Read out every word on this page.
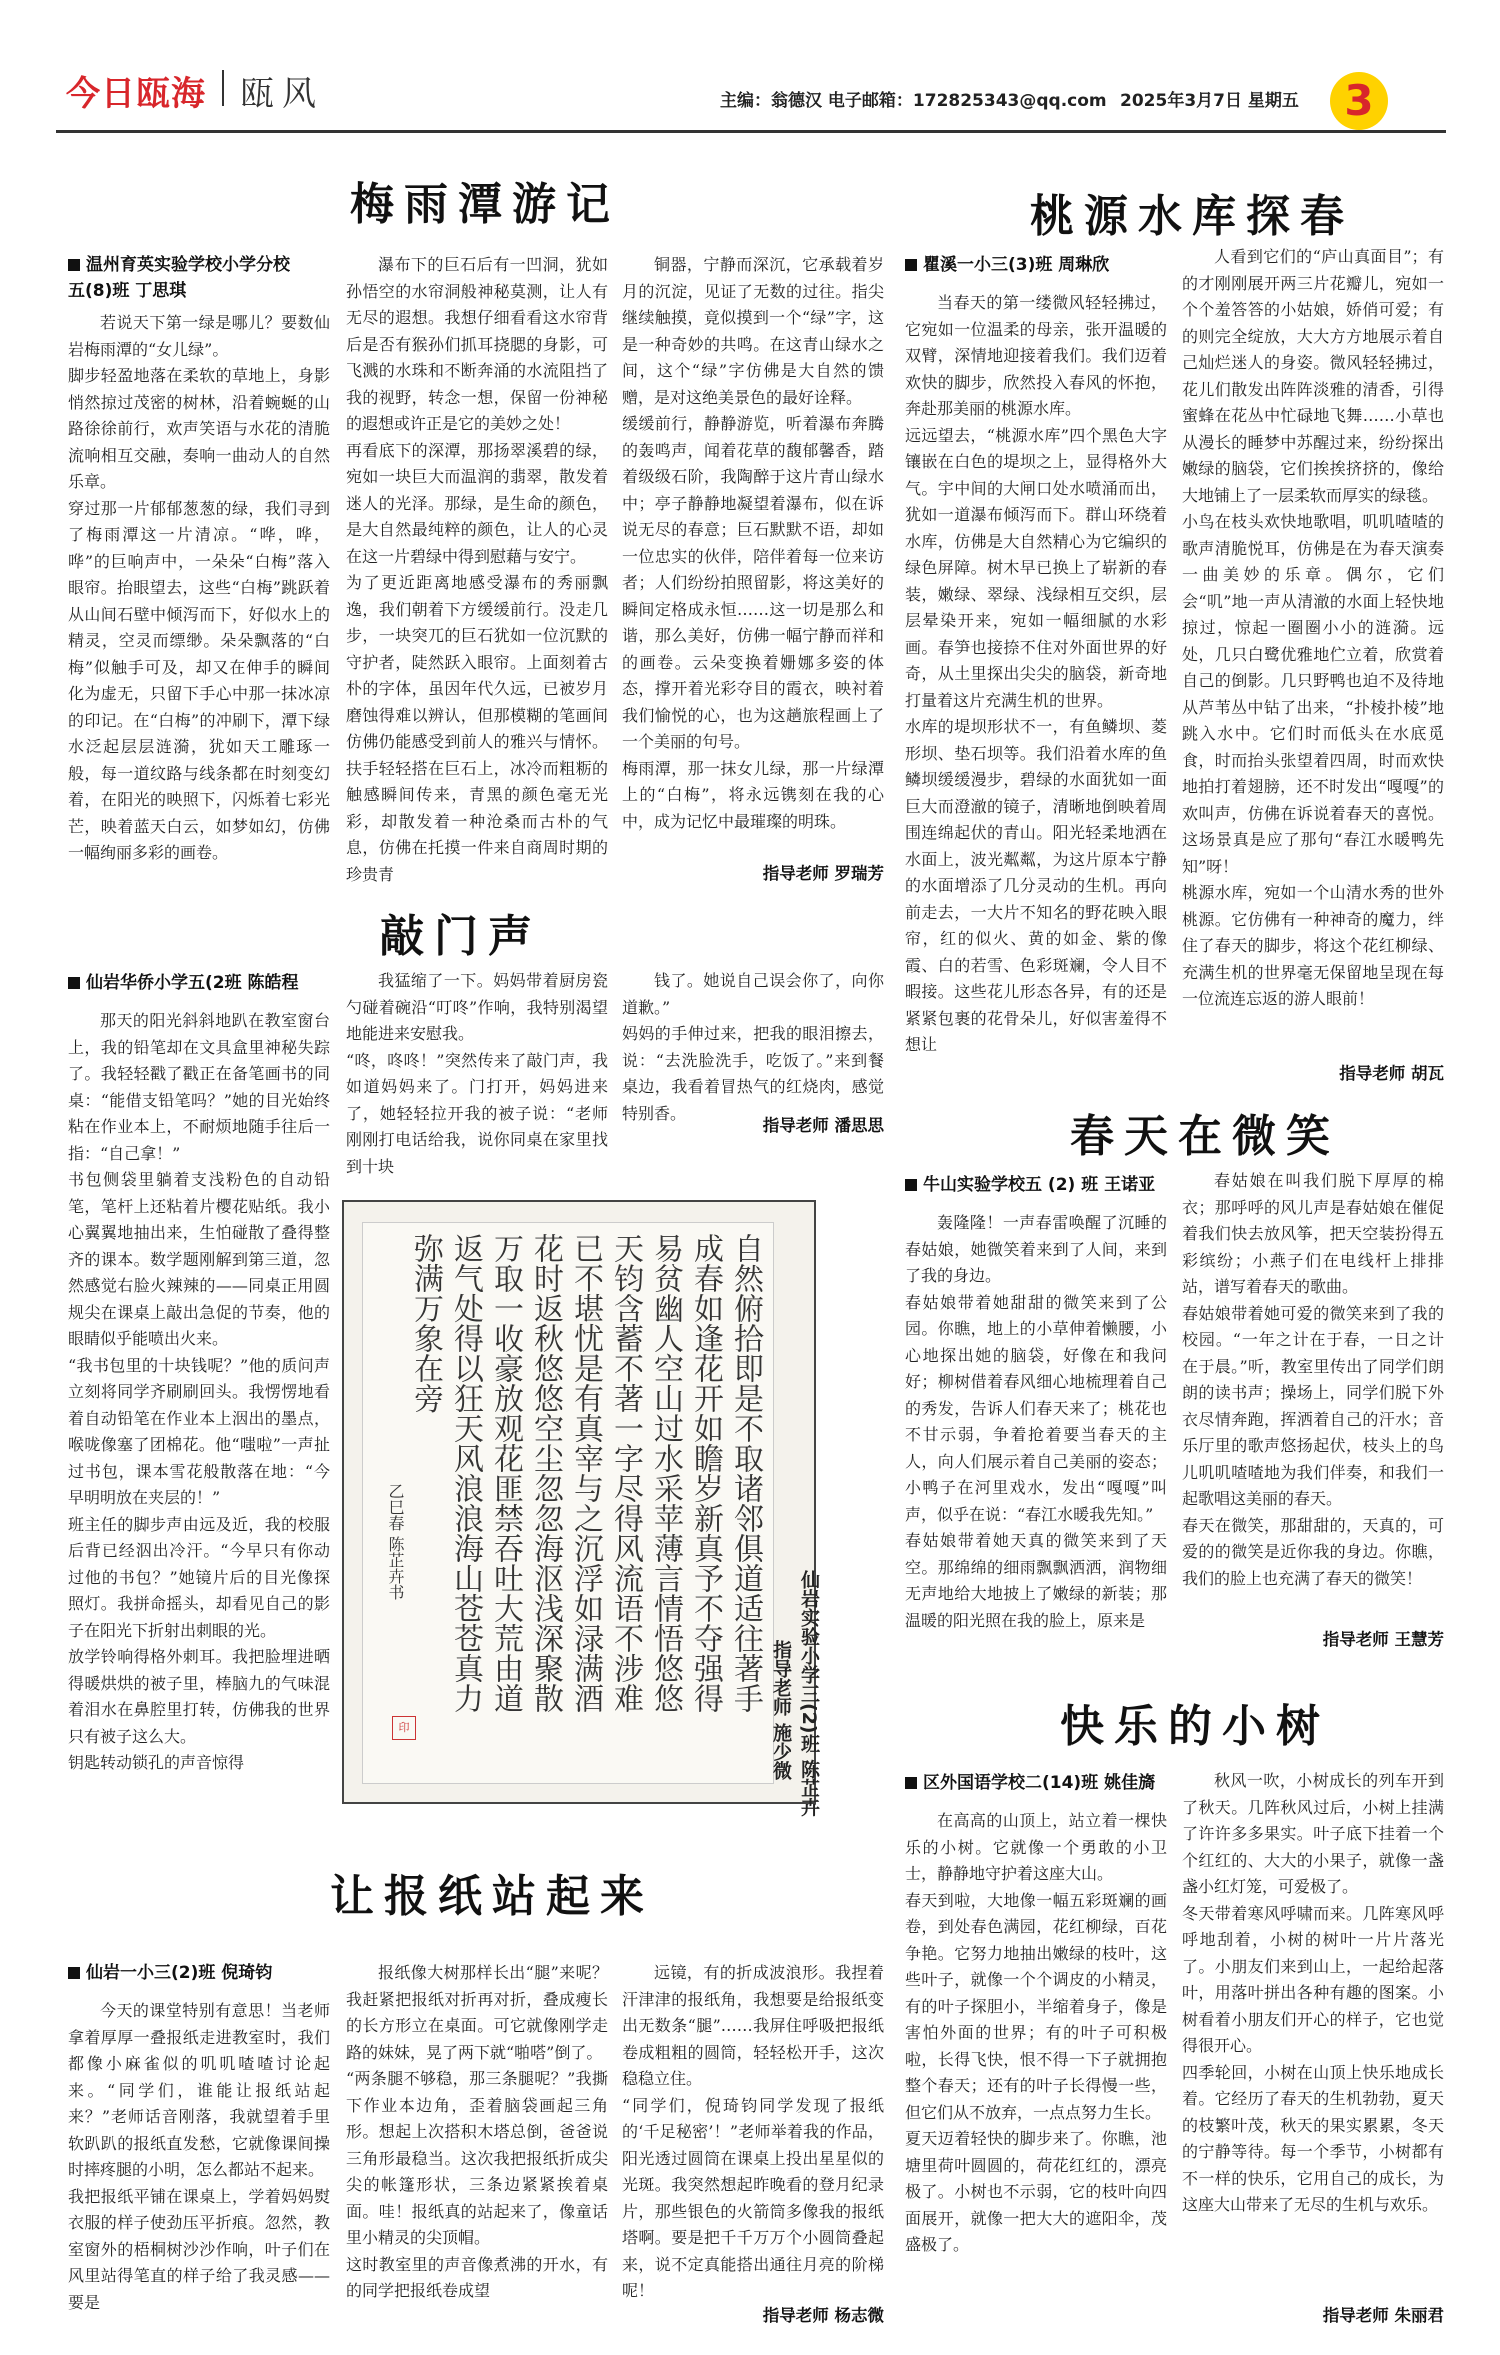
今日瓯海 瓯风	主编：翁德汉 电子邮箱：172825343@qq.com 2025年3月7日 星期五	3
梅雨潭游记
温州育英实验学校小学分校
五(8)班 丁思琪
若说天下第一绿是哪儿？要数仙岩梅雨潭的“女儿绿”。
脚步轻盈地落在柔软的草地上，身影悄然掠过茂密的树林，沿着蜿蜒的山路徐徐前行，欢声笑语与水花的清脆流响相互交融，奏响一曲动人的自然乐章。
穿过那一片郁郁葱葱的绿，我们寻到了梅雨潭这一片清凉。“哗，哗，哗”的巨响声中，一朵朵“白梅”落入眼帘。抬眼望去，这些“白梅”跳跃着从山间石壁中倾泻而下，好似水上的精灵，空灵而缥缈。朵朵飘落的“白梅”似触手可及，却又在伸手的瞬间化为虚无，只留下手心中那一抹冰凉的印记。在“白梅”的冲刷下，潭下绿水泛起层层涟漪，犹如天工雕琢一般，每一道纹路与线条都在时刻变幻着，在阳光的映照下，闪烁着七彩光芒，映着蓝天白云，如梦如幻，仿佛一幅绚丽多彩的画卷。
瀑布下的巨石后有一凹洞，犹如孙悟空的水帘洞般神秘莫测，让人有无尽的遐想。我想仔细看看这水帘背后是否有猴孙们抓耳挠腮的身影，可飞溅的水珠和不断奔涌的水流阻挡了我的视野，转念一想，保留一份神秘的遐想或许正是它的美妙之处！
再看底下的深潭，那扬翠溪碧的绿，宛如一块巨大而温润的翡翠，散发着迷人的光泽。那绿，是生命的颜色，是大自然最纯粹的颜色，让人的心灵在这一片碧绿中得到慰藉与安宁。
为了更近距离地感受瀑布的秀丽飘逸，我们朝着下方缓缓前行。没走几步，一块突兀的巨石犹如一位沉默的守护者，陡然跃入眼帘。上面刻着古朴的字体，虽因年代久远，已被岁月磨蚀得难以辨认，但那模糊的笔画间仿佛仍能感受到前人的雅兴与情怀。扶手轻轻搭在巨石上，冰冷而粗粝的触感瞬间传来，青黑的颜色毫无光彩，却散发着一种沧桑而古朴的气息，仿佛在托摸一件来自商周时期的珍贵青
铜器，宁静而深沉，它承载着岁月的沉淀，见证了无数的过往。指尖继续触摸，竟似摸到一个“绿”字，这是一种奇妙的共鸣。在这青山绿水之间，这个“绿”字仿佛是大自然的馈赠，是对这绝美景色的最好诠释。
缓缓前行，静静游览，听着瀑布奔腾的轰鸣声，闻着花草的馥郁馨香，踏着级级石阶，我陶醉于这片青山绿水中；亭子静静地凝望着瀑布，似在诉说无尽的春意；巨石默默不语，却如一位忠实的伙伴，陪伴着每一位来访者；人们纷纷拍照留影，将这美好的瞬间定格成永恒……这一切是那么和谐，那么美好，仿佛一幅宁静而祥和的画卷。云朵变换着姗娜多姿的体态，撑开着光彩夺目的霞衣，映衬着我们愉悦的心，也为这趟旅程画上了一个美丽的句号。
梅雨潭，那一抹女儿绿，那一片绿潭上的“白梅”，将永远镌刻在我的心中，成为记忆中最璀璨的明珠。
指导老师 罗瑞芳
敲门声
仙岩华侨小学五(2班 陈皓程
那天的阳光斜斜地趴在教室窗台上，我的铅笔却在文具盒里神秘失踪了。我轻轻戳了戳正在备笔画书的同桌：“能借支铅笔吗？”她的目光始终粘在作业本上，不耐烦地随手往后一指：“自己拿！”
书包侧袋里躺着支浅粉色的自动铅笔，笔杆上还粘着片樱花贴纸。我小心翼翼地抽出来，生怕碰散了叠得整齐的课本。数学题刚解到第三道，忽然感觉右脸火辣辣的——同桌正用圆规尖在课桌上敲出急促的节奏，他的眼睛似乎能喷出火来。
“我书包里的十块钱呢？”他的质问声立刻将同学齐刷刷回头。我愣愣地看着自动铅笔在作业本上洇出的墨点，喉咙像塞了团棉花。他“嗤啦”一声扯过书包，课本雪花般散落在地：“今早明明放在夹层的！”
班主任的脚步声由远及近，我的校服后背已经泅出冷汗。“今早只有你动过他的书包？”她镜片后的目光像探照灯。我拼命摇头，却看见自己的影子在阳光下折射出刺眼的光。
放学铃响得格外刺耳。我把脸埋进晒得暖烘烘的被子里，棒脑九的气味混着泪水在鼻腔里打转，仿佛我的世界只有被子这么大。
钥匙转动锁孔的声音惊得
我猛缩了一下。妈妈带着厨房瓷勺碰着碗沿“叮咚”作响，我特别渴望地能进来安慰我。
“咚，咚咚！”突然传来了敲门声，我如道妈妈来了。门打开，妈妈进来了，她轻轻拉开我的被子说：“老师刚刚打电话给我，说你同桌在家里找到十块
钱了。她说自己误会你了，向你道歉。”
妈妈的手伸过来，把我的眼泪擦去，说：“去洗脸洗手，吃饭了。”来到餐桌边，我看着冒热气的红烧肉，感觉特别香。
指导老师 潘思思
自然俯拾即是不取诸邻俱道适往著手
成春如逢花开如瞻岁新真予不夺强得
易贫幽人空山过水采苹薄言情悟悠悠
天钧含蓄不著一字尽得风流语不涉难
已不堪忧是有真宰与之沉浮如渌满酒
花时返秋悠悠空尘忽忽海沤浅深聚散
万取一收豪放观花匪禁吞吐大荒由道
返气处得以狂天风浪浪海山苍苍真力
弥满万象在旁
乙巳春 陈芷卉书
印	仙岩实验小学三(2)班 陈芷卉
指导老师 施少微
让报纸站起来
仙岩一小三(2)班 倪琦钧
今天的课堂特别有意思！当老师拿着厚厚一叠报纸走进教室时，我们都像小麻雀似的叽叽喳喳讨论起来。“同学们，谁能让报纸站起来？”老师话音刚落，我就望着手里软趴趴的报纸直发愁，它就像课间操时摔疼腿的小明，怎么都站不起来。
我把报纸平铺在课桌上，学着妈妈熨衣服的样子使劲压平折痕。忽然，教室窗外的梧桐树沙沙作响，叶子们在风里站得笔直的样子给了我灵感——要是
报纸像大树那样长出“腿”来呢？我赶紧把报纸对折再对折，叠成瘦长的长方形立在桌面。可它就像刚学走路的妹妹，晃了两下就“啪嗒”倒了。
“两条腿不够稳，那三条腿呢？”我撕下作业本边角，歪着脑袋画起三角形。想起上次搭积木塔总倒，爸爸说三角形最稳当。这次我把报纸折成尖尖的帐篷形状，三条边紧紧挨着桌面。哇！报纸真的站起来了，像童话里小精灵的尖顶帽。
这时教室里的声音像煮沸的开水，有的同学把报纸卷成望
远镜，有的折成波浪形。我捏着汗津津的报纸角，我想要是给报纸变出无数条“腿”……我屏住呼吸把报纸卷成粗粗的圆筒，轻轻松开手，这次稳稳立住。
“同学们，倪琦钧同学发现了报纸的‘千足秘密’！”老师举着我的作品，阳光透过圆筒在课桌上投出星星似的光斑。我突然想起昨晚看的登月纪录片，那些银色的火箭筒多像我的报纸塔啊。要是把千千万万个小圆筒叠起来，说不定真能搭出通往月亮的阶梯呢！
指导老师 杨志微
桃源水库探春
瞿溪一小三(3)班 周琳欣
当春天的第一缕微风轻轻拂过，它宛如一位温柔的母亲，张开温暖的双臂，深情地迎接着我们。我们迈着欢快的脚步，欣然投入春风的怀抱，奔赴那美丽的桃源水库。
远远望去，“桃源水库”四个黑色大字镶嵌在白色的堤坝之上，显得格外大气。宇中间的大闸口处水喷涌而出，犹如一道瀑布倾泻而下。群山环绕着水库，仿佛是大自然精心为它编织的绿色屏障。树木早已换上了崭新的春装，嫩绿、翠绿、浅绿相互交织，层层晕染开来，宛如一幅细腻的水彩画。春笋也接捺不住对外面世界的好奇，从土里探出尖尖的脑袋，新奇地打量着这片充满生机的世界。
水库的堤坝形状不一，有鱼鳞坝、菱形坝、垫石坝等。我们沿着水库的鱼鳞坝缓缓漫步，碧绿的水面犹如一面巨大而澄澈的镜子，清晰地倒映着周围连绵起伏的青山。阳光轻柔地洒在水面上，波光粼粼，为这片原本宁静的水面增添了几分灵动的生机。再向前走去，一大片不知名的野花映入眼帘，红的似火、黄的如金、紫的像霞、白的若雪、色彩斑斓，令人目不暇接。这些花儿形态各异，有的还是紧紧包裹的花骨朵儿，好似害羞得不想让
人看到它们的“庐山真面目”；有的才刚刚展开两三片花瓣儿，宛如一个个羞答答的小姑娘，娇俏可爱；有的则完全绽放，大大方方地展示着自己灿烂迷人的身姿。微风轻轻拂过，花儿们散发出阵阵淡雅的清香，引得蜜蜂在花丛中忙碌地飞舞……小草也从漫长的睡梦中苏醒过来，纷纷探出嫩绿的脑袋，它们挨挨挤挤的，像给大地铺上了一层柔软而厚实的绿毯。
小鸟在枝头欢快地歌唱，叽叽喳喳的歌声清脆悦耳，仿佛是在为春天演奏一曲美妙的乐章。偶尔，它们会“叽”地一声从清澈的水面上轻快地掠过，惊起一圈圈小小的涟漪。远处，几只白鹭优雅地伫立着，欣赏着自己的倒影。几只野鸭也迫不及待地从芦苇丛中钻了出来，“扑棱扑棱”地跳入水中。它们时而低头在水底觅食，时而抬头张望着四周，时而欢快地拍打着翅膀，还不时发出“嘎嘎”的欢叫声，仿佛在诉说着春天的喜悦。这场景真是应了那句“春江水暖鸭先知”呀！
桃源水库，宛如一个山清水秀的世外桃源。它仿佛有一种神奇的魔力，绊住了春天的脚步，将这个花红柳绿、充满生机的世界毫无保留地呈现在每一位流连忘返的游人眼前！
指导老师 胡瓦
春天在微笑
牛山实验学校五 (2) 班 王诺亚
轰隆隆！一声春雷唤醒了沉睡的春姑娘，她微笑着来到了人间，来到了我的身边。
春姑娘带着她甜甜的微笑来到了公园。你瞧，地上的小草伸着懒腰，小心地探出她的脑袋，好像在和我问好；柳树借着春风细心地梳理着自己的秀发，告诉人们春天来了；桃花也不甘示弱，争着抢着要当春天的主人，向人们展示着自己美丽的姿态；小鸭子在河里戏水，发出“嘎嘎”叫声，似乎在说：“春江水暖我先知。”
春姑娘带着她天真的微笑来到了天空。那绵绵的细雨飘飘洒洒，润物细无声地给大地披上了嫩绿的新装；那温暖的阳光照在我的脸上，原来是
春姑娘在叫我们脱下厚厚的棉衣；那呼呼的风儿声是春姑娘在催促着我们快去放风筝，把天空装扮得五彩缤纷；小燕子们在电线杆上排排站，谱写着春天的歌曲。
春姑娘带着她可爱的微笑来到了我的校园。“一年之计在于春，一日之计在于晨。”听，教室里传出了同学们朗朗的读书声；操场上，同学们脱下外衣尽情奔跑，挥洒着自己的汗水；音乐厅里的歌声悠扬起伏，枝头上的鸟儿叽叽喳喳地为我们伴奏，和我们一起歌唱这美丽的春天。
春天在微笑，那甜甜的，天真的，可爱的的微笑是近你我的身边。你瞧，我们的脸上也充满了春天的微笑！
指导老师 王慧芳
快乐的小树
区外国语学校二(14)班 姚佳旖
在高高的山顶上，站立着一棵快乐的小树。它就像一个勇敢的小卫士，静静地守护着这座大山。
春天到啦，大地像一幅五彩斑斓的画卷，到处春色满园，花红柳绿，百花争艳。它努力地抽出嫩绿的枝叶，这些叶子，就像一个个调皮的小精灵，有的叶子探胆小，半缩着身子，像是害怕外面的世界；有的叶子可积极啦，长得飞快，恨不得一下子就拥抱整个春天；还有的叶子长得慢一些，但它们从不放弃，一点点努力生长。
夏天迈着轻快的脚步来了。你瞧，池塘里荷叶圆圆的，荷花红红的，漂亮极了。小树也不示弱，它的枝叶向四面展开，就像一把大大的遮阳伞，茂盛极了。
秋风一吹，小树成长的列车开到了秋天。几阵秋风过后，小树上挂满了许许多多果实。叶子底下挂着一个个红红的、大大的小果子，就像一盏盏小红灯笼，可爱极了。
冬天带着寒风呼啸而来。几阵寒风呼呼地刮着，小树的树叶一片片落光了。小朋友们来到山上，一起给起落叶，用落叶拼出各种有趣的图案。小树看着小朋友们开心的样子，它也觉得很开心。
四季轮回，小树在山顶上快乐地成长着。它经历了春天的生机勃勃，夏天的枝繁叶茂，秋天的果实累累，冬天的宁静等待。每一个季节，小树都有不一样的快乐，它用自己的成长，为这座大山带来了无尽的生机与欢乐。
指导老师 朱丽君
